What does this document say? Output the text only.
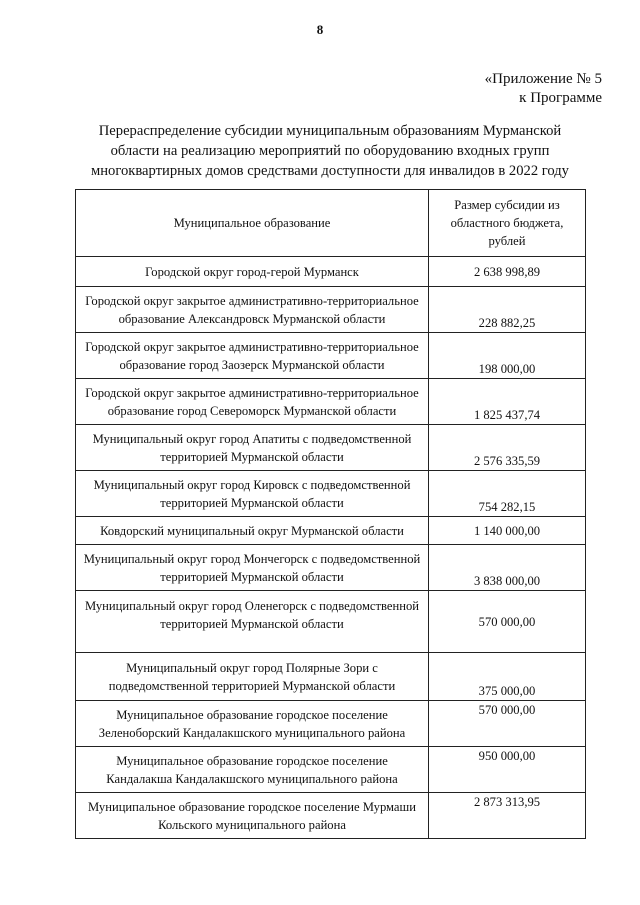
8
«Приложение № 5
к Программе
Перераспределение субсидии муниципальным образованиям Мурманской
области на реализацию мероприятий по оборудованию входных групп
многоквартирных домов средствами доступности для инвалидов в 2022 году
Муниципальное образование	Размер субсидии из
областного бюджета,
рублей

Городской округ город-герой Мурманск	2 638 998,89

Городской округ закрытое административно-территориальное
образование Александровск Мурманской области	228 882,25

Городской округ закрытое административно-территориальное
образование город Заозерск Мурманской области	198 000,00

Городской округ закрытое административно-территориальное
образование город Североморск Мурманской области	1 825 437,74

Муниципальный округ город Апатиты с подведомственной
территорией Мурманской области	2 576 335,59

Муниципальный округ город Кировск с подведомственной
территорией Мурманской области	754 282,15

Ковдорский муниципальный округ Мурманской области	1 140 000,00

Муниципальный округ город Мончегорск с подведомственной
территорией Мурманской области	3 838 000,00

Муниципальный округ город Оленегорск с подведомственной
территорией Мурманской области	570 000,00

Муниципальный округ город Полярные Зори с
подведомственной территорией Мурманской области	375 000,00

Муниципальное образование городское поселение
Зеленоборский Кандалакшского муниципального района	570 000,00

Муниципальное образование городское поселение
Кандалакша Кандалакшского муниципального района	950 000,00

Муниципальное образование городское поселение Мурмаши
Кольского муниципального района	2 873 313,95
